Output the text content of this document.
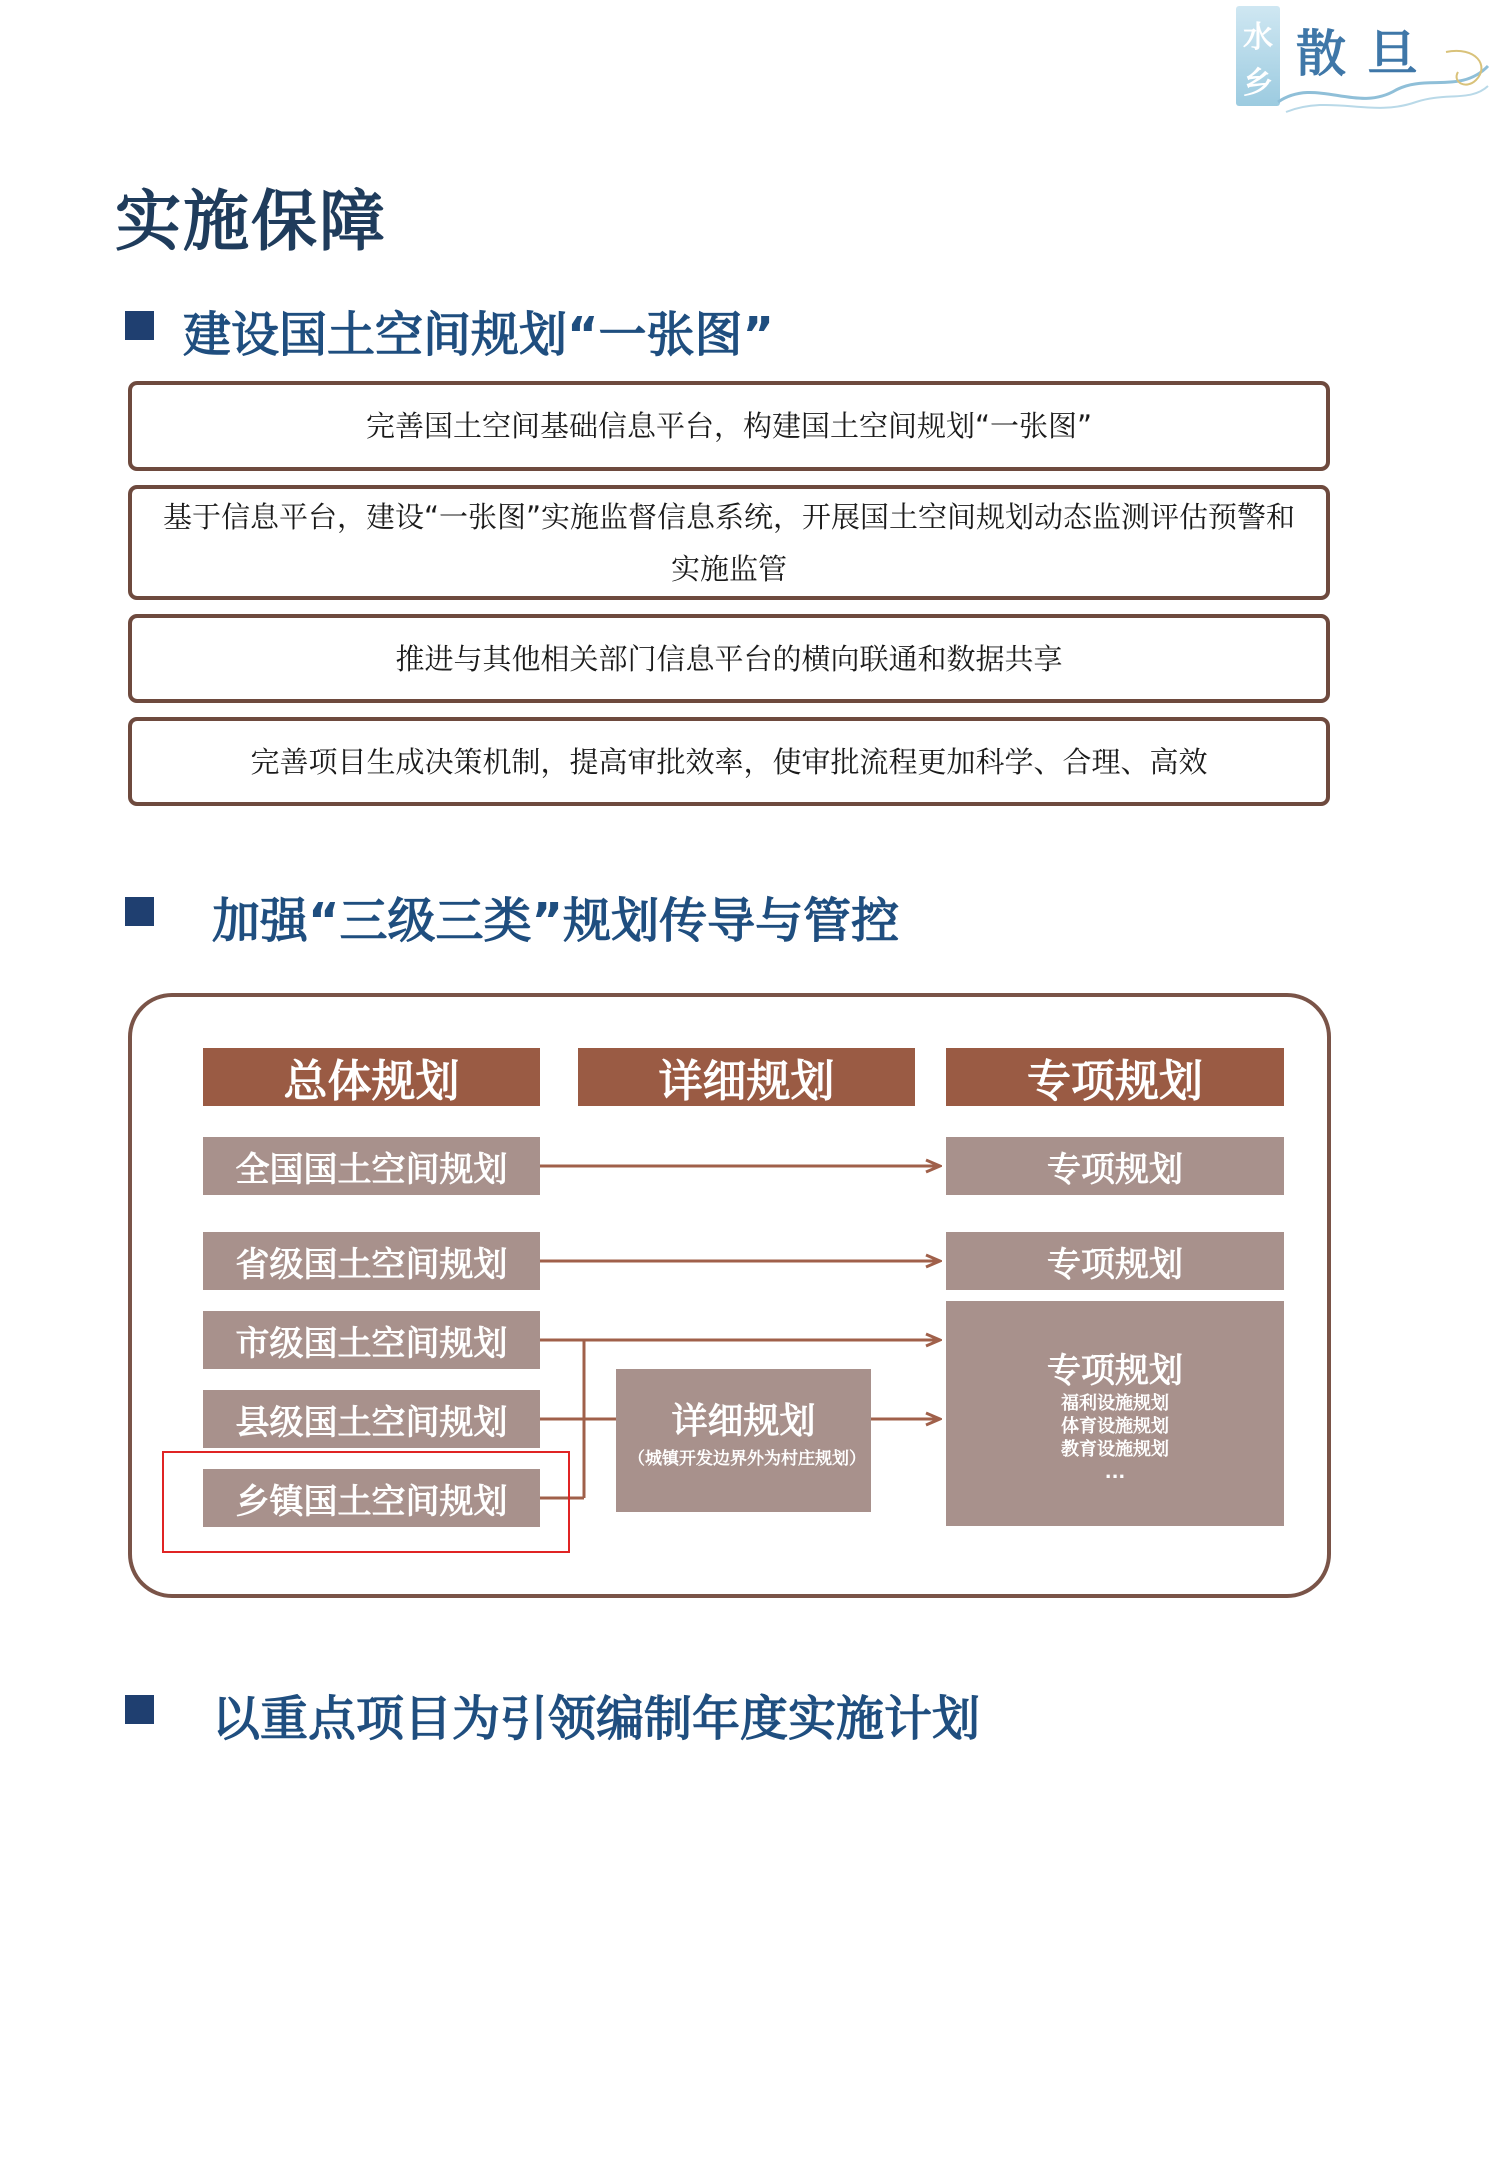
水
乡
散 旦
实施保障
建设国土空间规划“一张图”
完善国土空间基础信息平台，构建国土空间规划“一张图”
基于信息平台，建设“一张图”实施监督信息系统，开展国土空间规划动态监测评估预警和实施监管
推进与其他相关部门信息平台的横向联通和数据共享
完善项目生成决策机制，提高审批效率，使审批流程更加科学、合理、高效
加强“三级三类”规划传导与管控
总体规划	详细规划	专项规划
全国国土空间规划
省级国土空间规划
市级国土空间规划
县级国土空间规划
乡镇国土空间规划
专项规划
专项规划
详细规划
（城镇开发边界外为村庄规划）
专项规划
福利设施规划
体育设施规划
教育设施规划
...
以重点项目为引领编制年度实施计划
